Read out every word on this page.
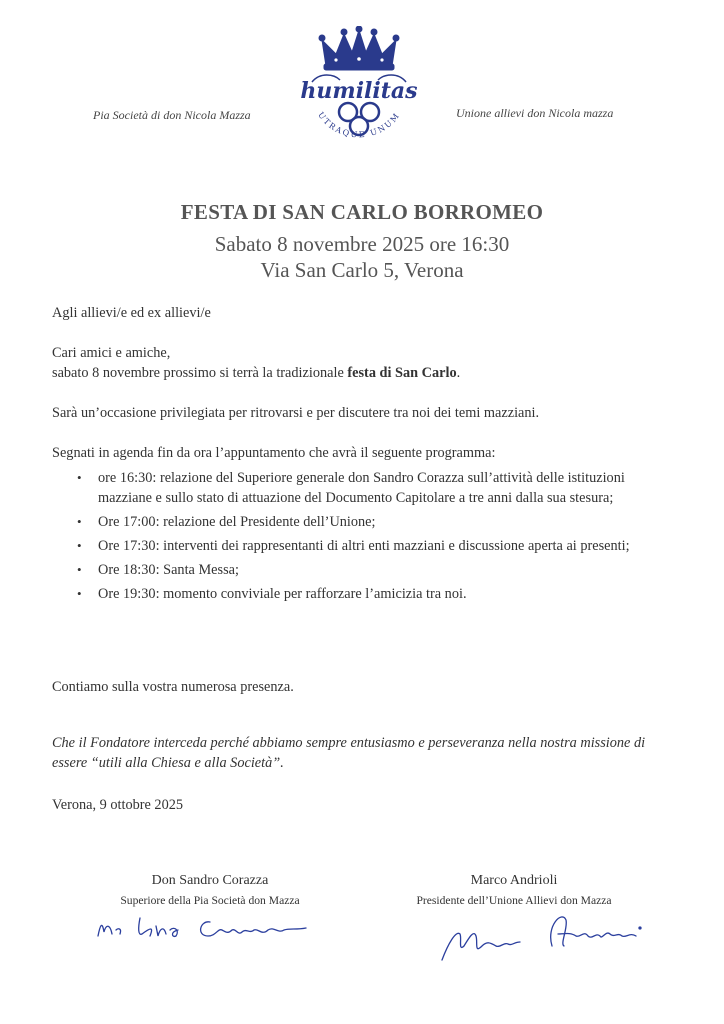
Pia Società di don Nicola Mazza	Unione allievi don Nicola mazza
humilitas
UTRAQUE UNUM
FESTA DI SAN CARLO BORROMEO
Sabato 8 novembre 2025 ore 16:30
Via San Carlo 5, Verona
Agli allievi/e ed ex allievi/e
Cari amici e amiche,
sabato 8 novembre prossimo si terrà la tradizionale festa di San Carlo.
Sarà un’occasione privilegiata per ritrovarsi e per discutere tra noi dei temi mazziani.
Segnati in agenda fin da ora l’appuntamento che avrà il seguente programma:
• ore 16:30: relazione del Superiore generale don Sandro Corazza sull’attività delle istituzioni mazziane e sullo stato di attuazione del Documento Capitolare a tre anni dalla sua stesura;
• Ore 17:00: relazione del Presidente dell’Unione;
• Ore 17:30: interventi dei rappresentanti di altri enti mazziani e discussione aperta ai presenti;
• Ore 18:30: Santa Messa;
• Ore 19:30: momento conviviale per rafforzare l’amicizia tra noi.
Contiamo sulla vostra numerosa presenza.
Che il Fondatore interceda perché abbiamo sempre entusiasmo e perseveranza nella nostra missione di essere “utili alla Chiesa e alla Società”.
Verona, 9 ottobre 2025
Don Sandro Corazza
Superiore della Pia Società don Mazza
Marco Andrioli
Presidente dell’Unione Allievi don Mazza
